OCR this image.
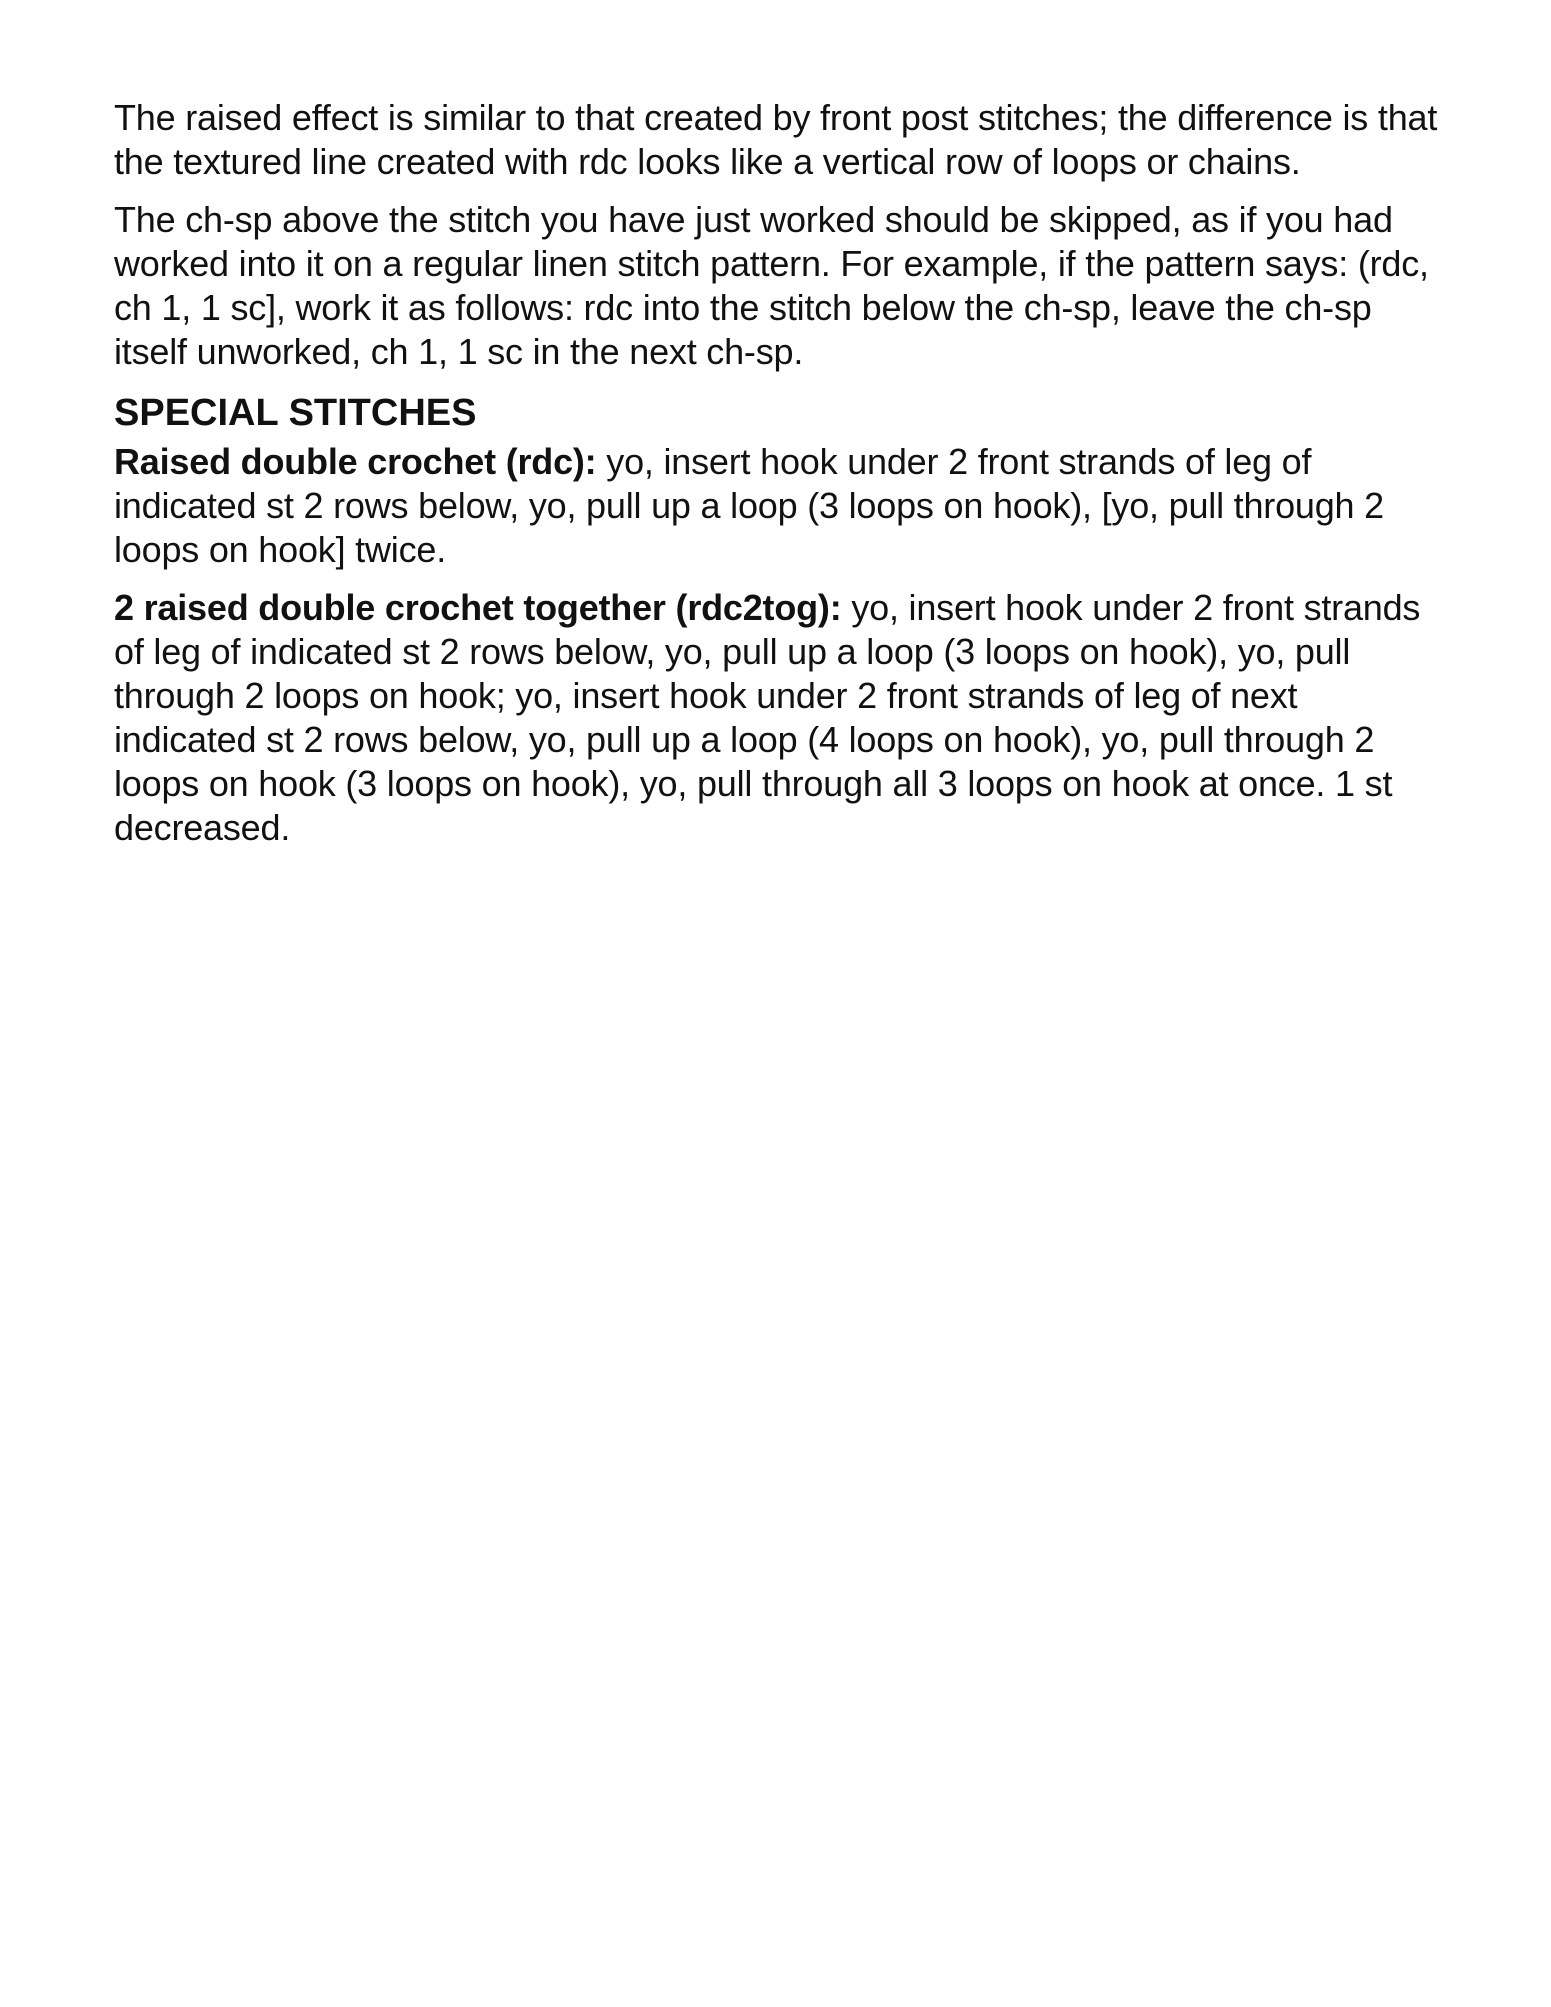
The raised effect is similar to that created by front post stitches; the difference is that the textured line created with rdc looks like a vertical row of loops or chains.

The ch-sp above the stitch you have just worked should be skipped, as if you had worked into it on a regular linen stitch pattern. For example, if the pattern says: (rdc, ch 1, 1 sc], work it as follows: rdc into the stitch below the ch-sp, leave the ch-sp itself unworked, ch 1, 1 sc in the next ch-sp.

SPECIAL STITCHES

Raised double crochet (rdc): yo, insert hook under 2 front strands of leg of indicated st 2 rows below, yo, pull up a loop (3 loops on hook), [yo, pull through 2 loops on hook] twice.

2 raised double crochet together (rdc2tog): yo, insert hook under 2 front strands of leg of indicated st 2 rows below, yo, pull up a loop (3 loops on hook), yo, pull through 2 loops on hook; yo, insert hook under 2 front strands of leg of next indicated st 2 rows below, yo, pull up a loop (4 loops on hook), yo, pull through 2 loops on hook (3 loops on hook), yo, pull through all 3 loops on hook at once. 1 st decreased.
